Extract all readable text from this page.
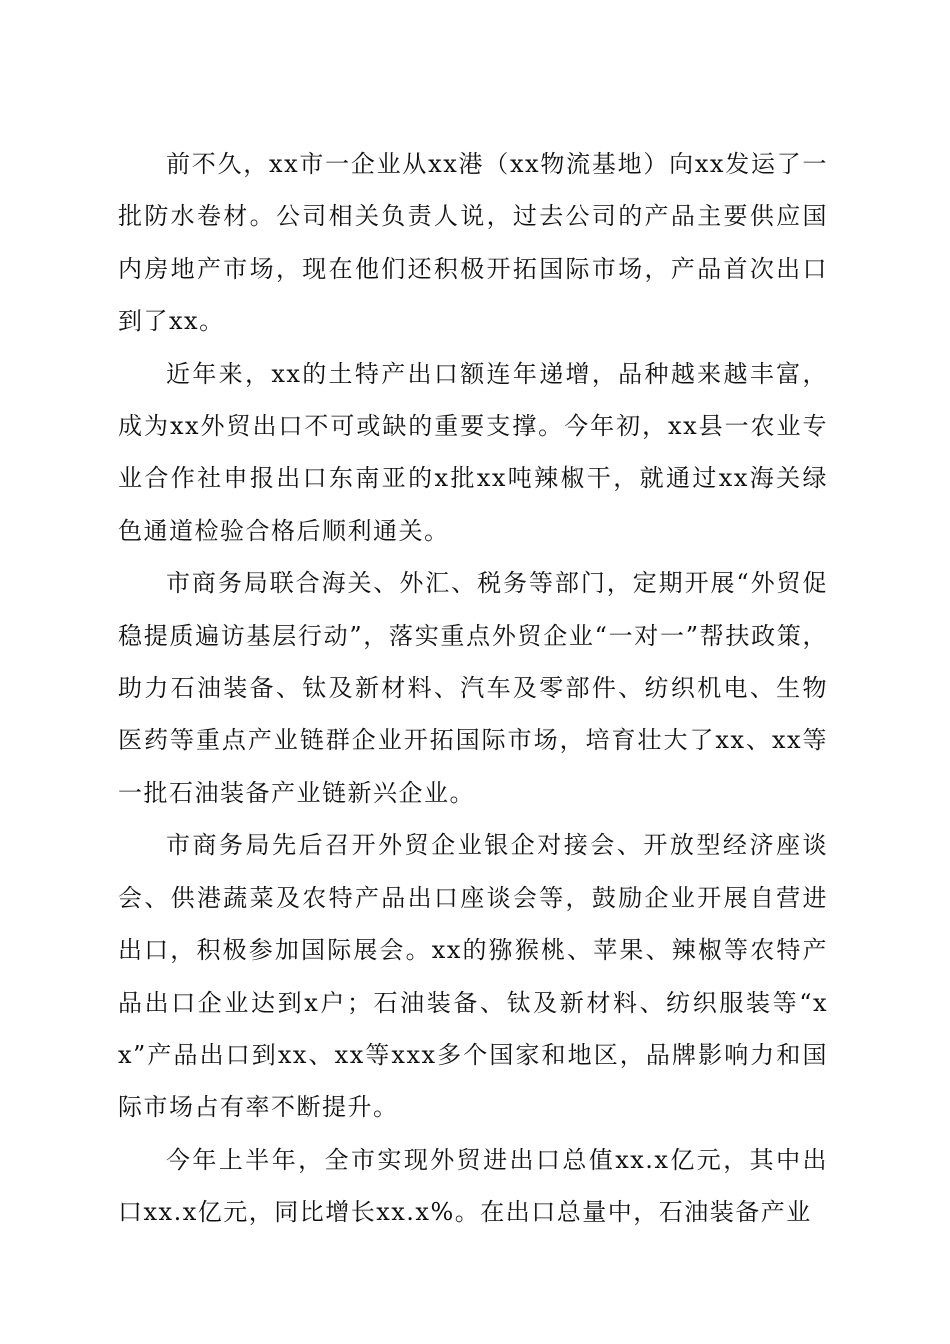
前不久，xx市一企业从xx港（xx物流基地）向xx发运了一批防水卷材。公司相关负责人说，过去公司的产品主要供应国内房地产市场，现在他们还积极开拓国际市场，产品首次出口到了xx。

近年来，xx的土特产出口额连年递增，品种越来越丰富，成为xx外贸出口不可或缺的重要支撑。今年初，xx县一农业专业合作社申报出口东南亚的x批xx吨辣椒干，就通过xx海关绿色通道检验合格后顺利通关。

市商务局联合海关、外汇、税务等部门，定期开展“外贸促稳提质遍访基层行动”，落实重点外贸企业“一对一”帮扶政策，助力石油装备、钛及新材料、汽车及零部件、纺织机电、生物医药等重点产业链群企业开拓国际市场，培育壮大了xx、xx等一批石油装备产业链新兴企业。

市商务局先后召开外贸企业银企对接会、开放型经济座谈会、供港蔬菜及农特产品出口座谈会等，鼓励企业开展自营进出口，积极参加国际展会。xx的猕猴桃、苹果、辣椒等农特产品出口企业达到x户；石油装备、钛及新材料、纺织服装等“xx”产品出口到xx、xx等xxx多个国家和地区，品牌影响力和国际市场占有率不断提升。

今年上半年，全市实现外贸进出口总值xx.x亿元，其中出口xx.x亿元，同比增长xx.x%。在出口总量中，石油装备产业
